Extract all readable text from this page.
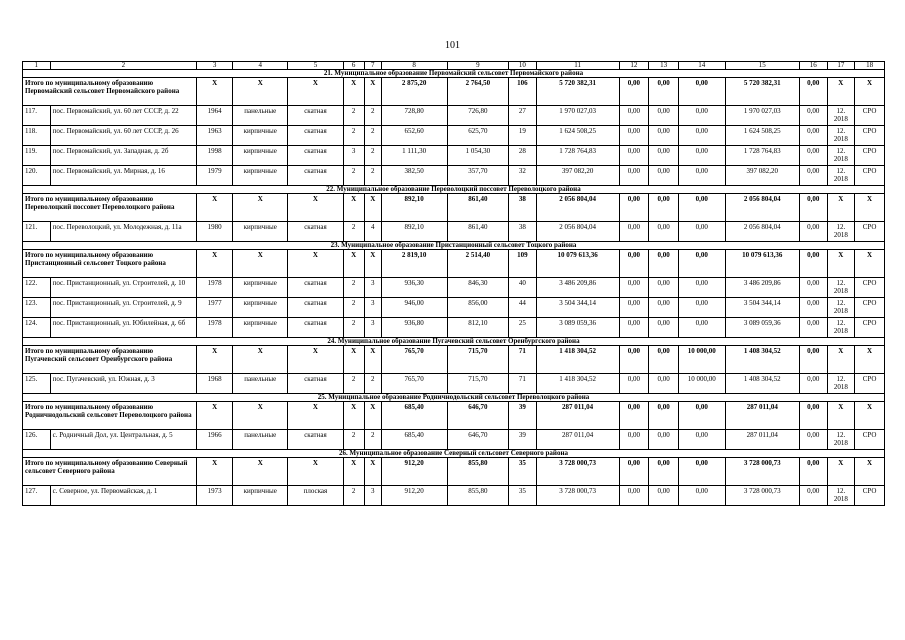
101
1	2	3	4	5	6	7	8	9	10	11	12	13	14	15	16	17	18
21. Муниципальное образование Первомайский сельсовет Первомайского района																	
Итого по муниципальному образованию Первомайский сельсовет Первомайского района		Х	Х	Х	Х	Х	2 875,20	2 764,50	106	5 720 382,31	0,00	0,00	0,00	5 720 382,31	0,00	Х	Х
117.	пос. Первомайский, ул. 60 лет СССР, д. 22	1964	панельные	скатная	2	2	728,80	726,80	27	1 970 027,03	0,00	0,00	0,00	1 970 027,03	0,00	12. 2018	СРО
118.	пос. Первомайский, ул. 60 лет СССР, д. 26	1963	кирпичные	скатная	2	2	652,60	625,70	19	1 624 508,25	0,00	0,00	0,00	1 624 508,25	0,00	12. 2018	СРО
119.	пос. Первомайский, ул. Западная, д. 2б	1998	кирпичные	скатная	3	2	1 111,30	1 054,30	28	1 728 764,83	0,00	0,00	0,00	1 728 764,83	0,00	12. 2018	СРО
120.	пос. Первомайский, ул. Мирная, д. 16	1979	кирпичные	скатная	2	2	382,50	357,70	32	397 082,20	0,00	0,00	0,00	397 082,20	0,00	12. 2018	СРО
22. Муниципальное образование Переволоцкий поссовет Переволоцкого района																	
Итого по муниципальному образованию Переволоцкий поссовет Переволоцкого района		Х	Х	Х	Х	Х	892,10	861,40	38	2 056 804,04	0,00	0,00	0,00	2 056 804,04	0,00	Х	Х
121.	пос. Переволоцкий, ул. Молодежная, д. 11а	1980	кирпичные	скатная	2	4	892,10	861,40	38	2 056 804,04	0,00	0,00	0,00	2 056 804,04	0,00	12. 2018	СРО
23. Муниципальное образование Пристанционный сельсовет Тоцкого района																	
Итого по муниципальному образованию Пристанционный сельсовет Тоцкого района		Х	Х	Х	Х	Х	2 819,10	2 514,40	109	10 079 613,36	0,00	0,00	0,00	10 079 613,36	0,00	Х	Х
122.	пос. Пристанционный, ул. Строителей, д. 10	1978	кирпичные	скатная	2	3	936,30	846,30	40	3 486 209,86	0,00	0,00	0,00	3 486 209,86	0,00	12. 2018	СРО
123.	пос. Пристанционный, ул. Строителей, д. 9	1977	кирпичные	скатная	2	3	946,00	856,00	44	3 504 344,14	0,00	0,00	0,00	3 504 344,14	0,00	12. 2018	СРО
124.	пос. Пристанционный, ул. Юбилейная, д. 6б	1978	кирпичные	скатная	2	3	936,80	812,10	25	3 089 059,36	0,00	0,00	0,00	3 089 059,36	0,00	12. 2018	СРО
24. Муниципальное образование Пугачевский сельсовет Оренбургского района																	
Итого по муниципальному образованию Пугачевский сельсовет Оренбургского района		Х	Х	Х	Х	Х	765,70	715,70	71	1 418 304,52	0,00	0,00	10 000,00	1 408 304,52	0,00	Х	Х
125.	пос. Пугачевский, ул. Южная, д. 3	1968	панельные	скатная	2	2	765,70	715,70	71	1 418 304,52	0,00	0,00	10 000,00	1 408 304,52	0,00	12. 2018	СРО
25. Муниципальное образование Родничнодольский сельсовет Переволоцкого района																	
Итого по муниципальному образованию Родничнодольский сельсовет Переволоцкого района		Х	Х	Х	Х	Х	685,40	646,70	39	287 011,04	0,00	0,00	0,00	287 011,04	0,00	Х	Х
126.	с. Родничный Дол, ул. Центральная, д. 5	1966	панельные	скатная	2	2	685,40	646,70	39	287 011,04	0,00	0,00	0,00	287 011,04	0,00	12. 2018	СРО
26. Муниципальное образование Северный сельсовет Северного района																	
Итого по муниципальному образованию Северный сельсовет Северного района		Х	Х	Х	Х	Х	912,20	855,80	35	3 728 000,73	0,00	0,00	0,00	3 728 000,73	0,00	Х	Х
127.	с. Северное, ул. Первомайская, д. 1	1973	кирпичные	плоская	2	3	912,20	855,80	35	3 728 000,73	0,00	0,00	0,00	3 728 000,73	0,00	12. 2018	СРО
